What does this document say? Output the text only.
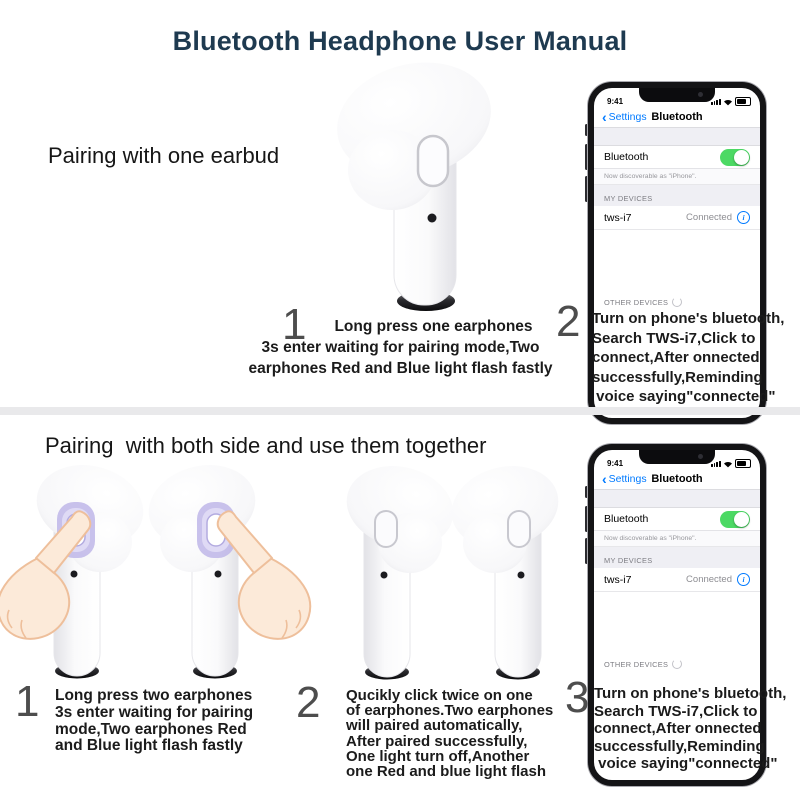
Bluetooth Headphone User Manual
Pairing with one earbud
9:41
‹ Settings Bluetooth
Bluetooth
Now discoverable as "iPhone".
MY DEVICES
tws-i7	Connected	i
OTHER DEVICES
1	Long press one earphones
3s enter waiting for pairing mode,Two
earphones Red and Blue light flash fastly
2 Turn on phone's bluetooth,
Search TWS-i7,Click to
connect,After onnected
successfully,Reminding
voice saying"connected"
Pairing  with both side and use them together
9:41
‹ Settings Bluetooth
Bluetooth
Now discoverable as "iPhone".
MY DEVICES
tws-i7	Connected	i
OTHER DEVICES
1 Long press two earphones
3s enter waiting for pairing
mode,Two earphones Red
and Blue light flash fastly
2 Qucikly click twice on one
of earphones.Two earphones
will paired automatically,
After paired successfully,
One light turn off,Another
one Red and blue light flash
3 Turn on phone's bluetooth,
Search TWS-i7,Click to
connect,After onnected
successfully,Reminding
voice saying"connected"
